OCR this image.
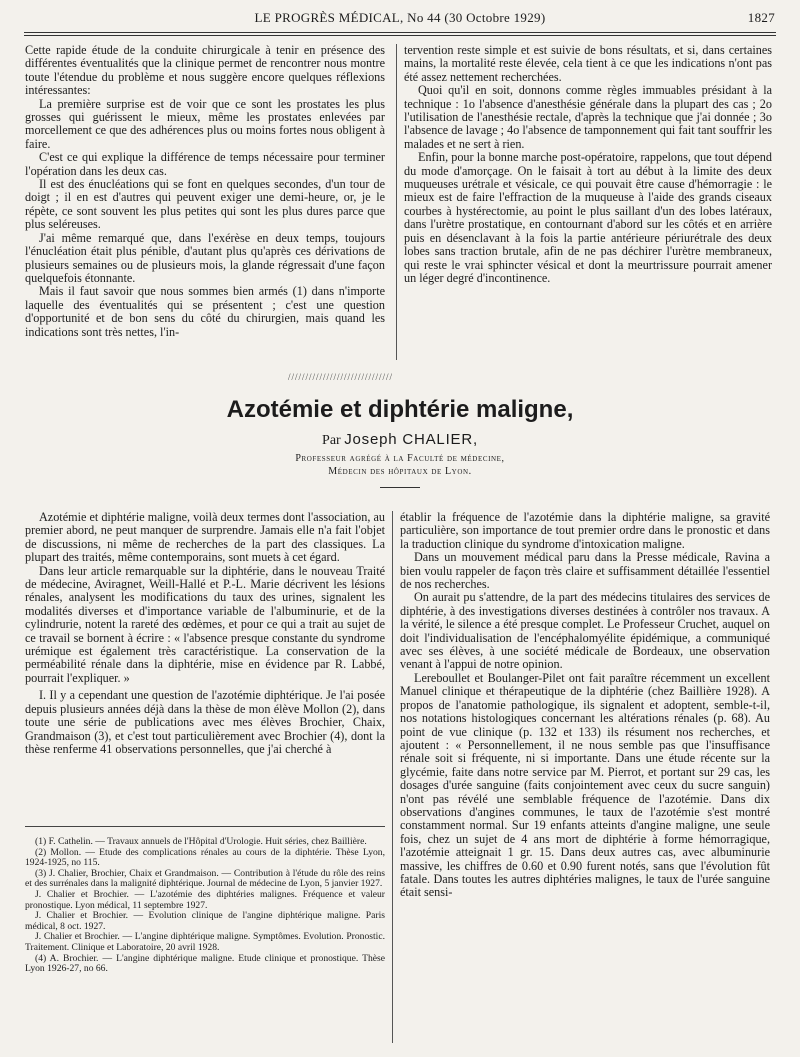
LE PROGRÈS MÉDICAL, No 44 (30 Octobre 1929)	1827

Cette rapide étude de la conduite chirurgicale à tenir en présence des différentes éventualités que la clinique permet de rencontrer nous montre toute l'étendue du problème et nous suggère encore quelques réflexions intéressantes:

La première surprise est de voir que ce sont les prostates les plus grosses qui guérissent le mieux, même les prostates enlevées par morcellement ce que des adhérences plus ou moins fortes nous obligent à faire.

C'est ce qui explique la différence de temps nécessaire pour terminer l'opération dans les deux cas.

Il est des énucléations qui se font en quelques secondes, d'un tour de doigt ; il en est d'autres qui peuvent exiger une demi-heure, or, je le répète, ce sont souvent les plus petites qui sont les plus dures parce que plus seléreuses.

J'ai même remarqué que, dans l'exérèse en deux temps, toujours l'énucléation était plus pénible, d'autant plus qu'après ces dérivations de plusieurs semaines ou de plusieurs mois, la glande régressait d'une façon quelquefois étonnante.

Mais il faut savoir que nous sommes bien armés (1) dans n'importe laquelle des éventualités qui se présentent ; c'est une question d'opportunité et de bon sens du côté du chirurgien, mais quand les indications sont très nettes, l'in-

tervention reste simple et est suivie de bons résultats, et si, dans certaines mains, la mortalité reste élevée, cela tient à ce que les indications n'ont pas été assez nettement recherchées.

Quoi qu'il en soit, donnons comme règles immuables présidant à la technique : 1o l'absence d'anesthésie générale dans la plupart des cas ; 2o l'utilisation de l'anesthésie rectale, d'après la technique que j'ai donnée ; 3o l'absence de lavage ; 4o l'absence de tamponnement qui fait tant souffrir les malades et ne sert à rien.

Enfin, pour la bonne marche post-opératoire, rappelons, que tout dépend du mode d'amorçage. On le faisait à tort au début à la limite des deux muqueuses urétrale et vésicale, ce qui pouvait être cause d'hémorragie : le mieux est de faire l'effraction de la muqueuse à l'aide des grands ciseaux courbes à hystérectomie, au point le plus saillant d'un des lobes latéraux, dans l'urètre prostatique, en contournant d'abord sur les côtés et en arrière puis en désenclavant à la fois la partie antérieure périurétrale des deux lobes sans traction brutale, afin de ne pas déchirer l'urètre membraneux, qui reste le vrai sphincter vésical et dont la meurtrissure pourrait amener un léger degré d'incontinence.

//////////////////////////////
Azotémie et diphtérie maligne,
Par Joseph CHALIER,
Professeur agrégé à la Faculté de médecine,
Médecin des hôpitaux de Lyon.

Azotémie et diphtérie maligne, voilà deux termes dont l'association, au premier abord, ne peut manquer de surprendre. Jamais elle n'a fait l'objet de discussions, ni même de recherches de la part des classiques. La plupart des traités, même contemporains, sont muets à cet égard.

Dans leur article remarquable sur la diphtérie, dans le nouveau Traité de médecine, Aviragnet, Weill-Hallé et P.-L. Marie décrivent les lésions rénales, analysent les modifications du taux des urines, signalent les modalités diverses et d'importance variable de l'albuminurie, et de la cylindrurie, notent la rareté des œdèmes, et pour ce qui a trait au sujet de ce travail se bornent à écrire : « l'absence presque constante du syndrome urémique est également très caractéristique. La conservation de la perméabilité rénale dans la diphtérie, mise en évidence par R. Labbé, pourrait l'expliquer. »

I. Il y a cependant une question de l'azotémie diphtérique. Je l'ai posée depuis plusieurs années déjà dans la thèse de mon élève Mollon (2), dans toute une série de publications avec mes élèves Brochier, Chaix, Grandmaison (3), et c'est tout particulièrement avec Brochier (4), dont la thèse renferme 41 observations personnelles, que j'ai cherché à

(1) F. Cathelin. — Travaux annuels de l'Hôpital d'Urologie. Huit séries, chez Baillière.

(2) Mollon. — Etude des complications rénales au cours de la diphtérie. Thèse Lyon, 1924-1925, no 115.

(3) J. Chalier, Brochier, Chaix et Grandmaison. — Contribution à l'étude du rôle des reins et des surrénales dans la malignité diphtérique. Journal de médecine de Lyon, 5 janvier 1927.

J. Chalier et Brochier. — L'azotémie des diphtéries malignes. Fréquence et valeur pronostique. Lyon médical, 11 septembre 1927.

J. Chalier et Brochier. — Evolution clinique de l'angine diphtérique maligne. Paris médical, 8 oct. 1927.

J. Chalier et Brochier. — L'angine diphtérique maligne. Symptômes. Evolution. Pronostic. Traitement. Clinique et Laboratoire, 20 avril 1928.

(4) A. Brochier. — L'angine diphtérique maligne. Etude clinique et pronostique. Thèse Lyon 1926-27, no 66.

établir la fréquence de l'azotémie dans la diphtérie maligne, sa gravité particulière, son importance de tout premier ordre dans le pronostic et dans la traduction clinique du syndrome d'intoxication maligne.

Dans un mouvement médical paru dans la Presse médicale, Ravina a bien voulu rappeler de façon très claire et suffisamment détaillée l'essentiel de nos recherches.

On aurait pu s'attendre, de la part des médecins titulaires des services de diphtérie, à des investigations diverses destinées à contrôler nos travaux. A la vérité, le silence a été presque complet. Le Professeur Cruchet, auquel on doit l'individualisation de l'encéphalomyélite épidémique, a communiqué avec ses élèves, à une société médicale de Bordeaux, une observation venant à l'appui de notre opinion.

Lereboullet et Boulanger-Pilet ont fait paraître récemment un excellent Manuel clinique et thérapeutique de la diphtérie (chez Baillière 1928). A propos de l'anatomie pathologique, ils signalent et adoptent, semble-t-il, nos notations histologiques concernant les altérations rénales (p. 68). Au point de vue clinique (p. 132 et 133) ils résument nos recherches, et ajoutent : « Personnellement, il ne nous semble pas que l'insuffisance rénale soit si fréquente, ni si importante. Dans une étude récente sur la glycémie, faite dans notre service par M. Pierrot, et portant sur 29 cas, les dosages d'urée sanguine (faits conjointement avec ceux du sucre sanguin) n'ont pas révélé une semblable fréquence de l'azotémie. Dans dix observations d'angines communes, le taux de l'azotémie s'est montré constamment normal. Sur 19 enfants atteints d'angine maligne, une seule fois, chez un sujet de 4 ans mort de diphtérie à forme hémorragique, l'azotémie atteignait 1 gr. 15. Dans deux autres cas, avec albuminurie massive, les chiffres de 0.60 et 0.90 furent notés, sans que l'évolution fût fatale. Dans toutes les autres diphtéries malignes, le taux de l'urée sanguine était sensi-
